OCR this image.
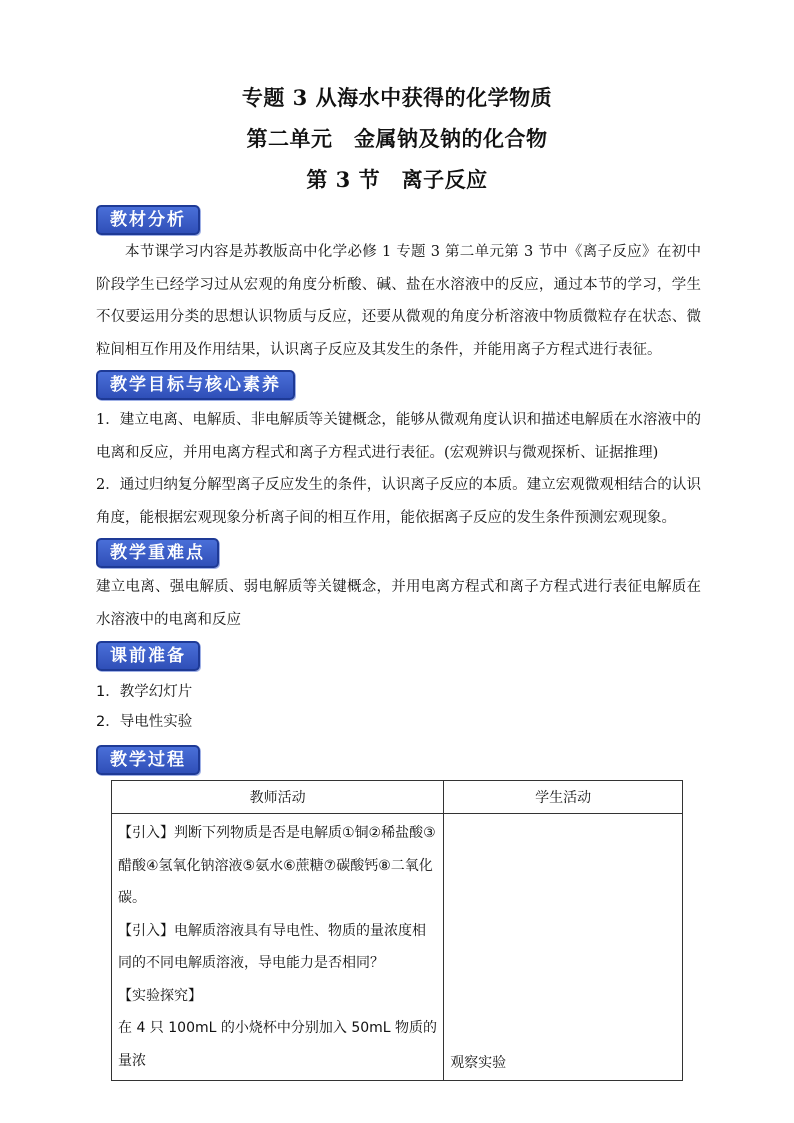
专题 3 从海水中获得的化学物质
第二单元　金属钠及钠的化合物
第 3 节　离子反应
教材分析
本节课学习内容是苏教版高中化学必修 1 专题 3 第二单元第 3 节中《离子反应》在初中阶段学生已经学习过从宏观的角度分析酸、碱、盐在水溶液中的反应，通过本节的学习，学生不仅要运用分类的思想认识物质与反应，还要从微观的角度分析溶液中物质微粒存在状态、微粒间相互作用及作用结果，认识离子反应及其发生的条件，并能用离子方程式进行表征。
教学目标与核心素养
1．建立电离、电解质、非电解质等关键概念，能够从微观角度认识和描述电解质在水溶液中的电离和反应，并用电离方程式和离子方程式进行表征。(宏观辨识与微观探析、证据推理)
2．通过归纳复分解型离子反应发生的条件，认识离子反应的本质。建立宏观微观相结合的认识角度，能根据宏观现象分析离子间的相互作用，能依据离子反应的发生条件预测宏观现象。
教学重难点
建立电离、强电解质、弱电解质等关键概念，并用电离方程式和离子方程式进行表征电解质在水溶液中的电离和反应
课前准备
1．教学幻灯片
2．导电性实验
教学过程
教师活动	学生活动

【引入】判断下列物质是否是电解质①铜②稀盐酸③醋酸④氢氧化钠溶液⑤氨水⑥蔗糖⑦碳酸钙⑧二氧化碳。
【引入】电解质溶液具有导电性、物质的量浓度相同的不同电解质溶液，导电能力是否相同？
【实验探究】
在 4 只 100mL 的小烧杯中分别加入 50mL 物质的量浓	观察实验
